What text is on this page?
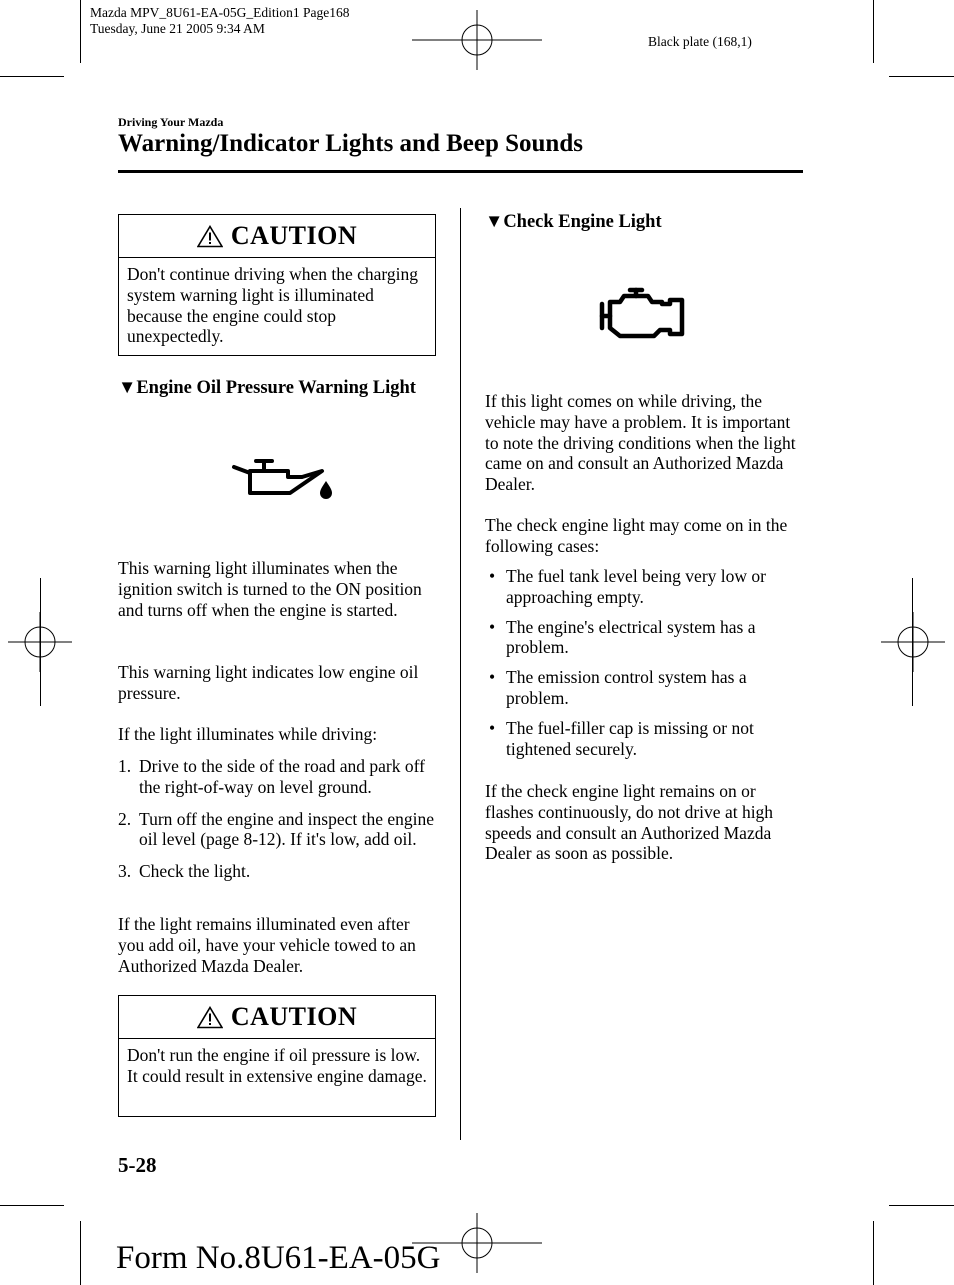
Mazda MPV_8U61-EA-05G_Edition1 Page168
Tuesday, June 21 2005 9:34 AM
Black plate (168,1)
Driving Your Mazda
Warning/Indicator Lights and Beep Sounds
CAUTION
Don't continue driving when the charging system warning light is illuminated because the engine could stop unexpectedly.
▼Engine Oil Pressure Warning Light
This warning light illuminates when the ignition switch is turned to the ON position and turns off when the engine is started.
This warning light indicates low engine oil pressure.
If the light illuminates while driving:
1. Drive to the side of the road and park off the right-of-way on level ground.
2. Turn off the engine and inspect the engine oil level (page 8-12). If it's low, add oil.
3. Check the light.
If the light remains illuminated even after you add oil, have your vehicle towed to an Authorized Mazda Dealer.
CAUTION
Don't run the engine if oil pressure is low. It could result in extensive engine damage.
▼Check Engine Light
If this light comes on while driving, the vehicle may have a problem. It is important to note the driving conditions when the light came on and consult an Authorized Mazda Dealer.
The check engine light may come on in the following cases:
• The fuel tank level being very low or approaching empty.
• The engine's electrical system has a problem.
• The emission control system has a problem.
• The fuel-filler cap is missing or not tightened securely.
If the check engine light remains on or flashes continuously, do not drive at high speeds and consult an Authorized Mazda Dealer as soon as possible.
5-28
Form No.8U61-EA-05G
